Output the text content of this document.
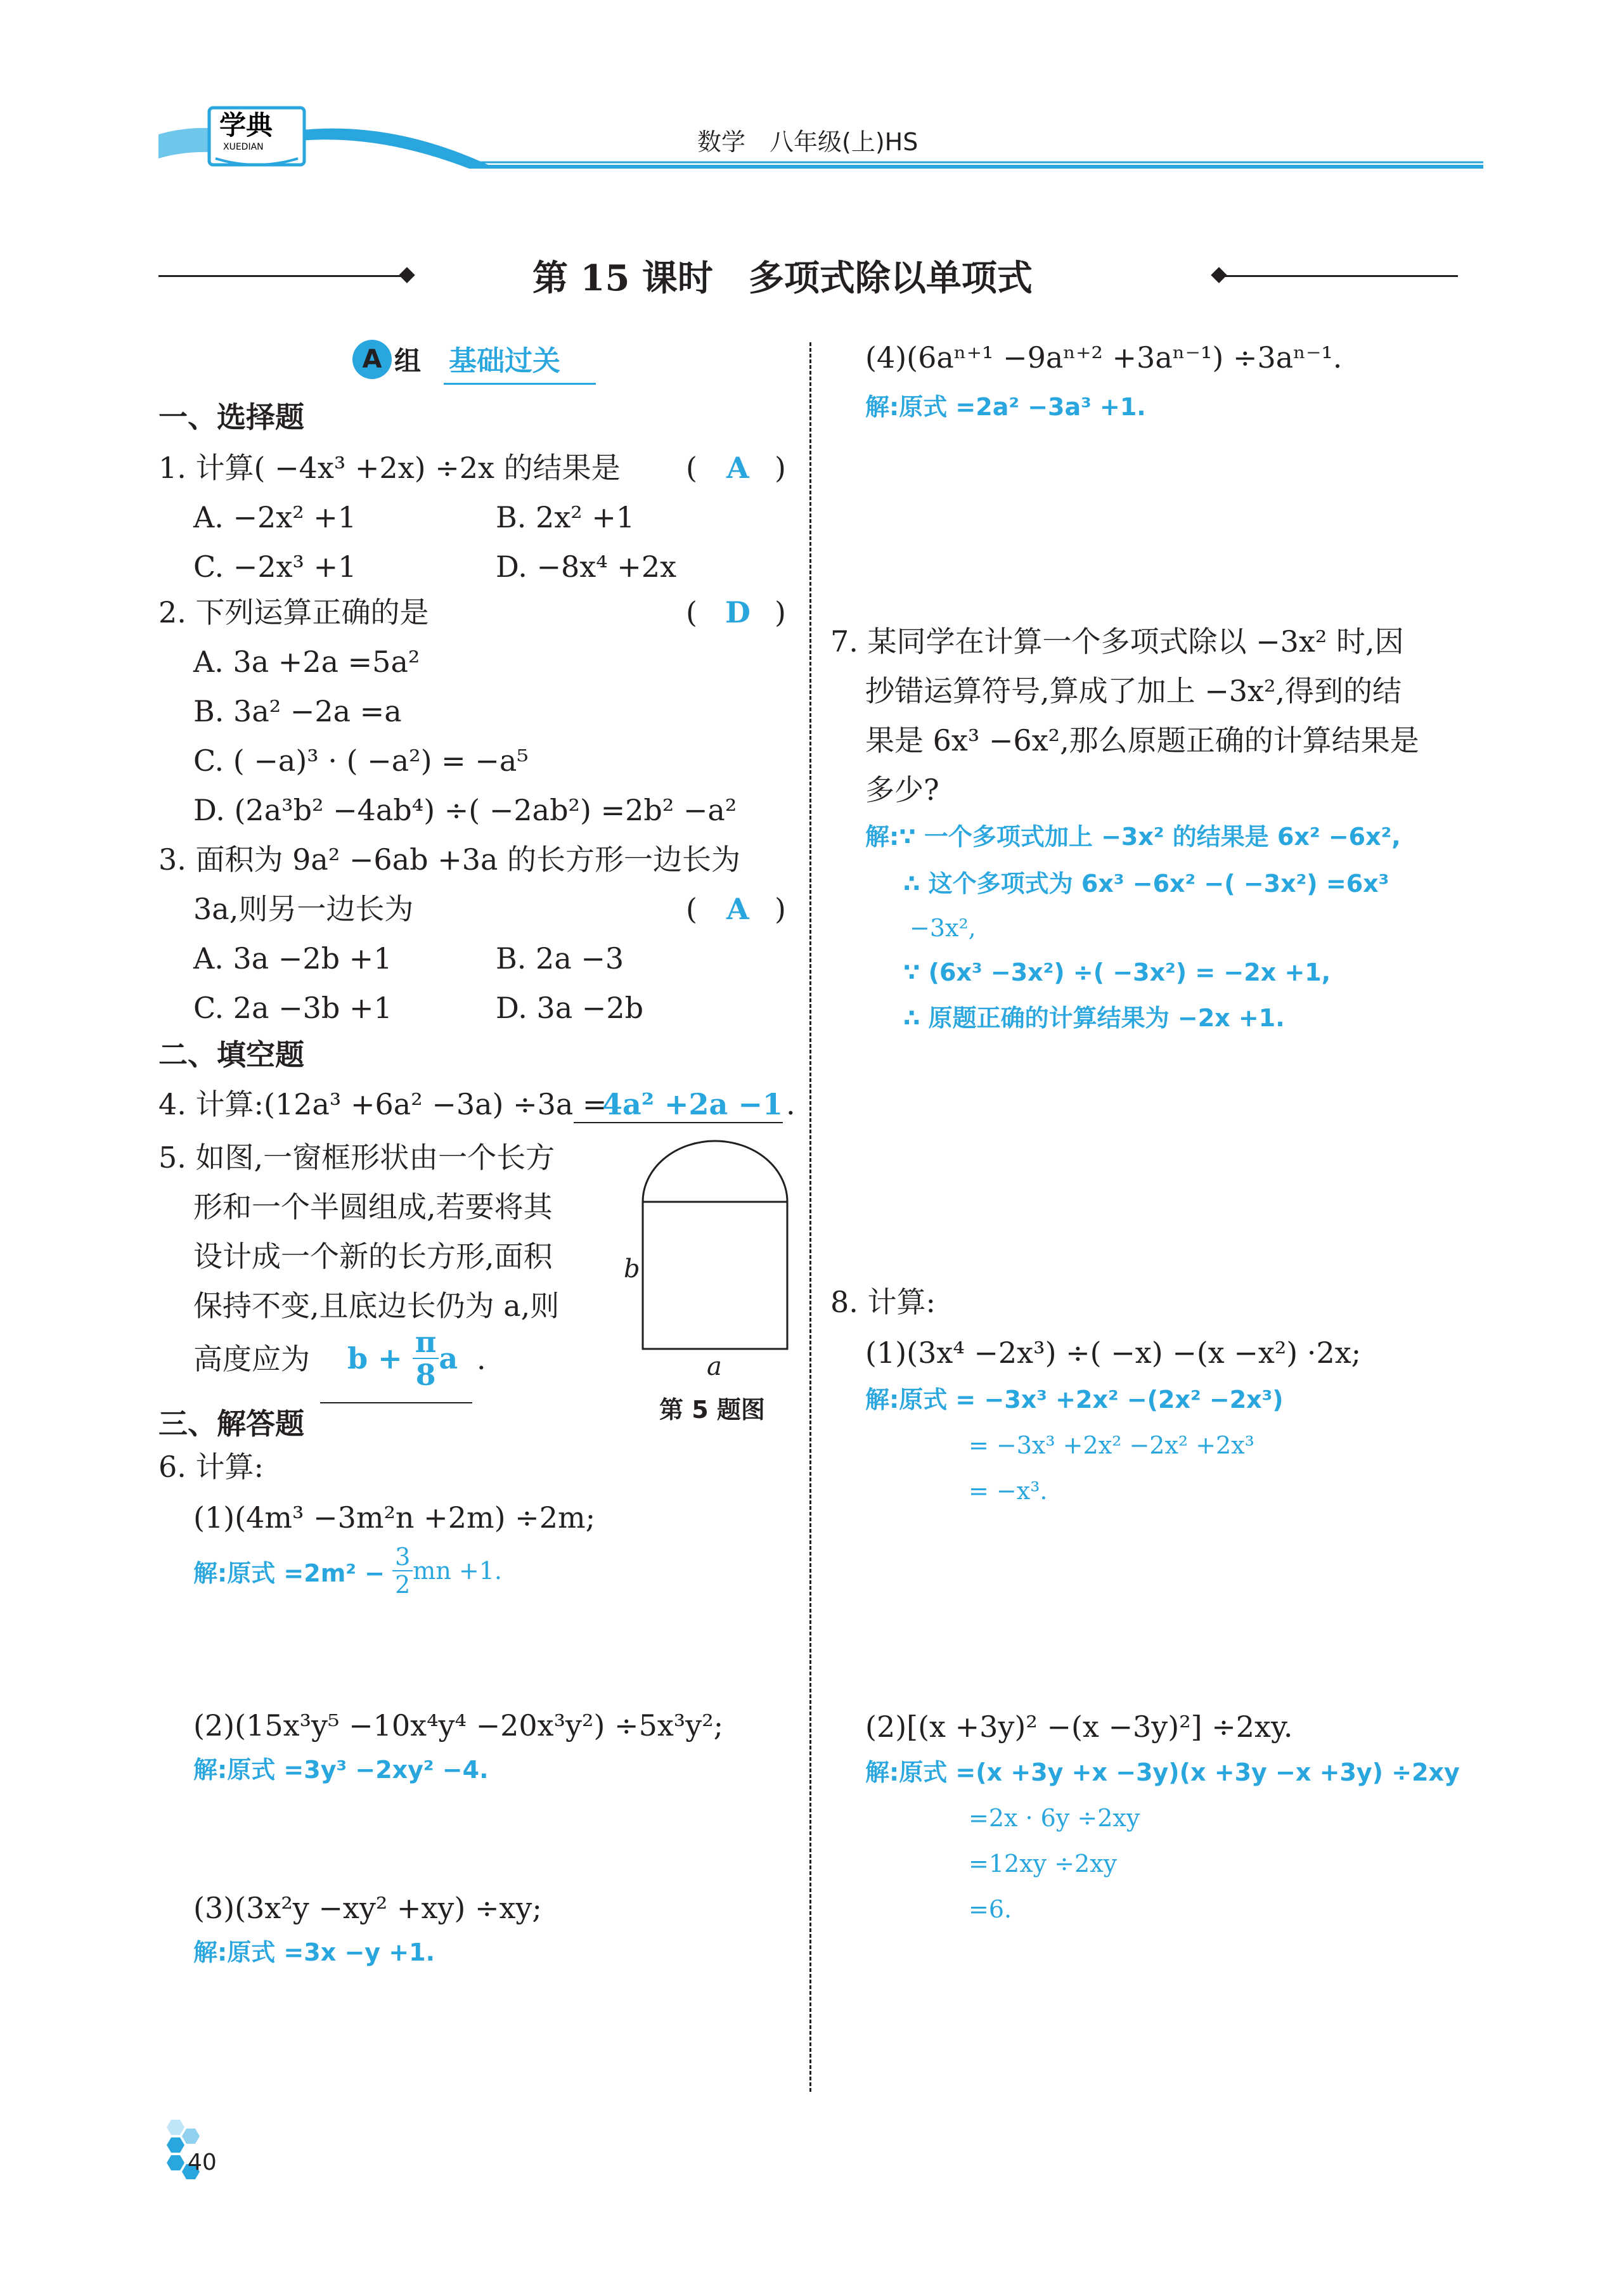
学典
XUEDIAN	数学　八年级(上)HS
第 15 课时　多项式除以单项式
A 组 基础过关
一、选择题
1. 计算( −4x³ +2x) ÷2x 的结果是 ( A )
A. −2x² +1	B. 2x² +1
C. −2x³ +1	D. −8x⁴ +2x
2. 下列运算正确的是	( D )
A. 3a +2a =5a²
B. 3a² −2a =a
C. ( −a)³ · ( −a²) = −a⁵
D. (2a³b² −4ab⁴) ÷( −2ab²) =2b² −a²
3. 面积为 9a² −6ab +3a 的长方形一边长为
3a,则另一边长为	( A )
A. 3a −2b +1	B. 2a −3
C. 2a −3b +1	D. 3a −2b
二、填空题
4. 计算:(12a³ +6a² −3a) ÷3a =
4a² +2a −1 .
5. 如图,一窗框形状由一个长方
形和一个半圆组成,若要将其
设计成一个新的长方形,面积
保持不变,且底边长仍为 a,则
高度应为 b +
$\frac{\pi}{8}$ a .
b
a
第 5 题图
三、解答题
6. 计算:
(1)(4m³ −3m²n +2m) ÷2m;
解:原式 =2m² −
$\frac{3}{2}$ mn +1.
(2)(15x³y⁵ −10x⁴y⁴ −20x³y²) ÷5x³y²;
解:原式 =3y³ −2xy² −4.
(3)(3x²y −xy² +xy) ÷xy;
解:原式 =3x −y +1.
(4)(6aⁿ⁺¹ −9aⁿ⁺² +3aⁿ⁻¹) ÷3aⁿ⁻¹.
解:原式 =2a² −3a³ +1.
7. 某同学在计算一个多项式除以 −3x² 时,因
抄错运算符号,算成了加上 −3x²,得到的结
果是 6x³ −6x²,那么原题正确的计算结果是
多少?
解:∵ 一个多项式加上 −3x² 的结果是 6x² −6x²,
∴ 这个多项式为 6x³ −6x² −( −3x²) =6x³
−3x²,
∵ (6x³ −3x²) ÷( −3x²) = −2x +1,
∴ 原题正确的计算结果为 −2x +1.
8. 计算:
(1)(3x⁴ −2x³) ÷( −x) −(x −x²) ·2x;
解:原式 = −3x³ +2x² −(2x² −2x³)
= −3x³ +2x² −2x² +2x³
= −x³.
(2)[(x +3y)² −(x −3y)²] ÷2xy.
解:原式 =(x +3y +x −3y)(x +3y −x +3y) ÷2xy
=2x · 6y ÷2xy
=12xy ÷2xy
=6.
40
